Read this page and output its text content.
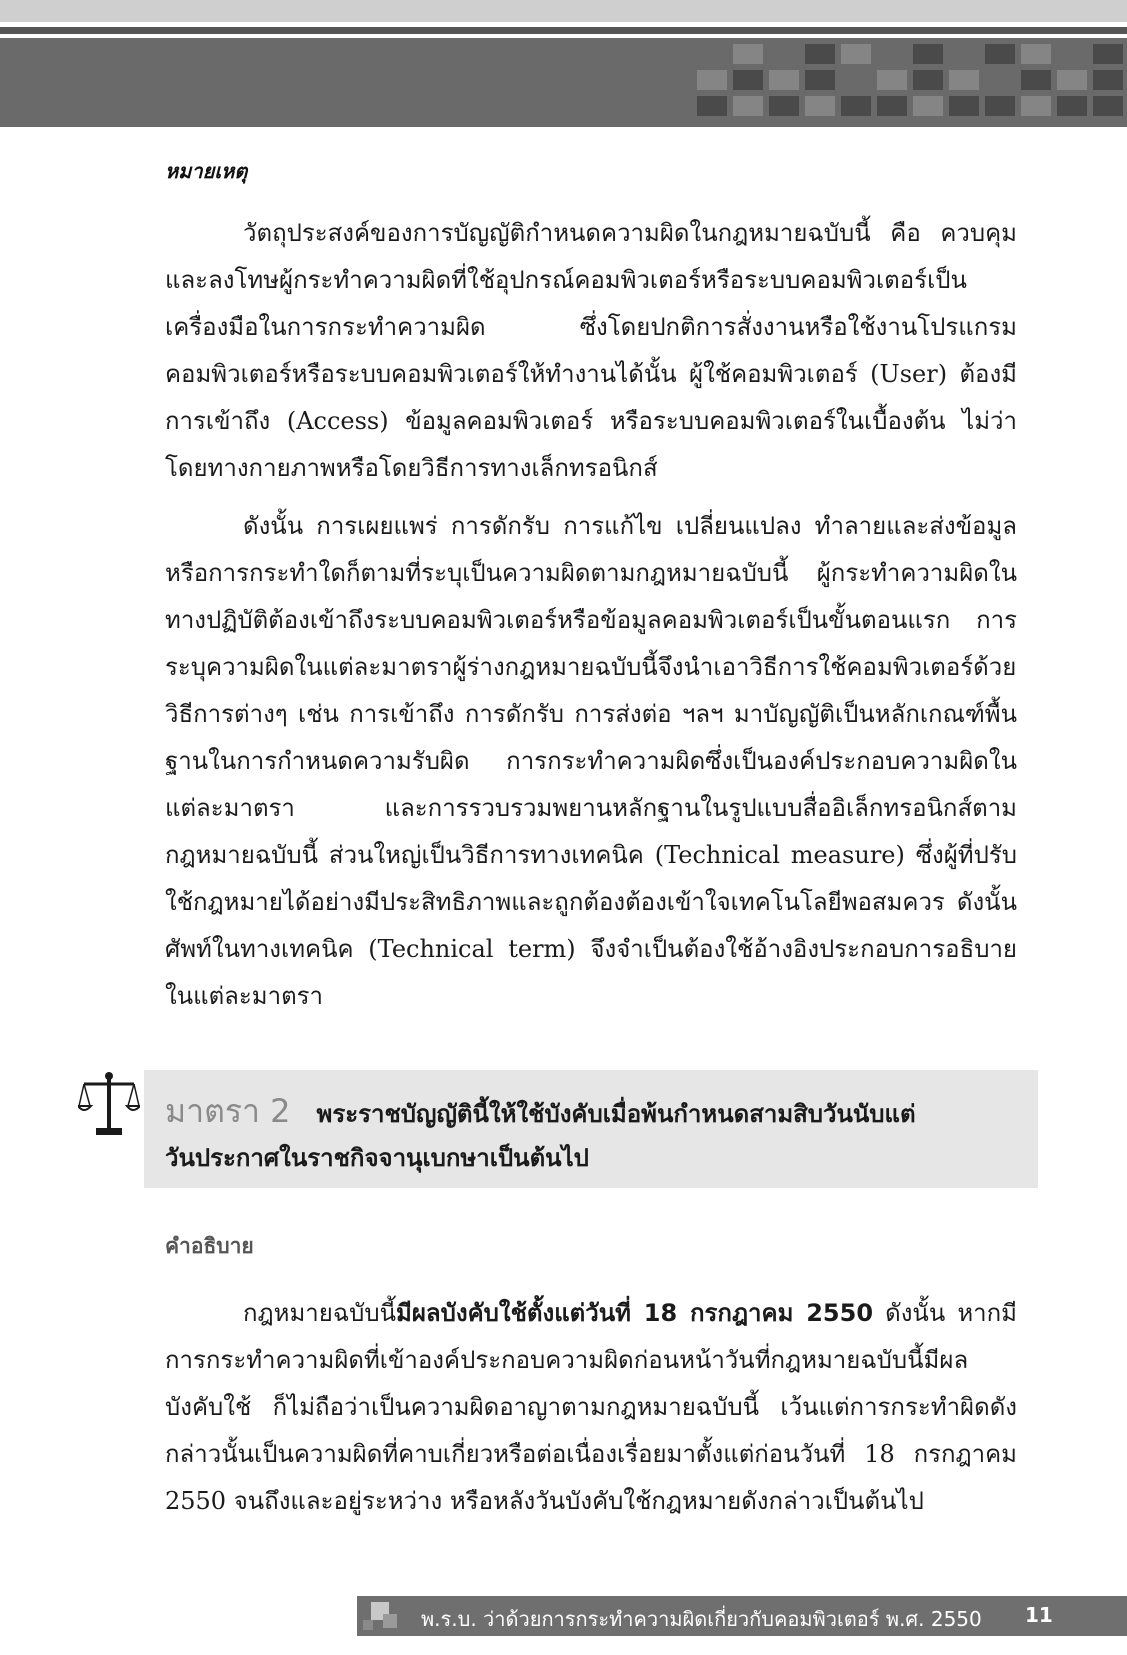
หมายเหตุ

วัตถุประสงค์ของการบัญญัติกำหนดความผิดในกฎหมายฉบับนี้ คือ ควบคุมและลงโทษผู้กระทำความผิดที่ใช้อุปกรณ์คอมพิวเตอร์หรือระบบคอมพิวเตอร์เป็นเครื่องมือในการกระทำความผิด ซึ่งโดยปกติการสั่งงานหรือใช้งานโปรแกรมคอมพิวเตอร์หรือระบบคอมพิวเตอร์ให้ทำงานได้นั้น ผู้ใช้คอมพิวเตอร์ (User) ต้องมีการเข้าถึง (Access) ข้อมูลคอมพิวเตอร์ หรือระบบคอมพิวเตอร์ในเบื้องต้น ไม่ว่าโดยทางกายภาพหรือโดยวิธีการทางเล็กทรอนิกส์

ดังนั้น การเผยแพร่ การดักรับ การแก้ไข เปลี่ยนแปลง ทำลายและส่งข้อมูล หรือการกระทำใดก็ตามที่ระบุเป็นความผิดตามกฎหมายฉบับนี้ ผู้กระทำความผิดในทางปฏิบัติต้องเข้าถึงระบบคอมพิวเตอร์หรือข้อมูลคอมพิวเตอร์เป็นขั้นตอนแรก การระบุความผิดในแต่ละมาตราผู้ร่างกฎหมายฉบับนี้จึงนำเอาวิธีการใช้คอมพิวเตอร์ด้วยวิธีการต่างๆ เช่น การเข้าถึง การดักรับ การส่งต่อ ฯลฯ มาบัญญัติเป็นหลักเกณฑ์พื้นฐานในการกำหนดความรับผิด การกระทำความผิดซึ่งเป็นองค์ประกอบความผิดในแต่ละมาตรา และการรวบรวมพยานหลักฐานในรูปแบบสื่ออิเล็กทรอนิกส์ตามกฎหมายฉบับนี้ ส่วนใหญ่เป็นวิธีการทางเทคนิค (Technical measure) ซึ่งผู้ที่ปรับใช้กฎหมายได้อย่างมีประสิทธิภาพและถูกต้องต้องเข้าใจเทคโนโลยีพอสมควร ดังนั้นศัพท์ในทางเทคนิค (Technical term) จึงจำเป็นต้องใช้อ้างอิงประกอบการอธิบายในแต่ละมาตรา

มาตรา 2 พระราชบัญญัตินี้ให้ใช้บังคับเมื่อพ้นกำหนดสามสิบวันนับแต่
วันประกาศในราชกิจจานุเบกษาเป็นต้นไป
คำอธิบาย

กฎหมายฉบับนี้มีผลบังคับใช้ตั้งแต่วันที่ 18 กรกฎาคม 2550 ดังนั้น หากมีการกระทำความผิดที่เข้าองค์ประกอบความผิดก่อนหน้าวันที่กฎหมายฉบับนี้มีผลบังคับใช้ ก็ไม่ถือว่าเป็นความผิดอาญาตามกฎหมายฉบับนี้ เว้นแต่การกระทำผิดดังกล่าวนั้นเป็นความผิดที่คาบเกี่ยวหรือต่อเนื่องเรื่อยมาตั้งแต่ก่อนวันที่ 18 กรกฎาคม 2550 จนถึงและอยู่ระหว่าง หรือหลังวันบังคับใช้กฎหมายดังกล่าวเป็นต้นไป

พ.ร.บ. ว่าด้วยการกระทำความผิดเกี่ยวกับคอมพิวเตอร์ พ.ศ. 2550 11
